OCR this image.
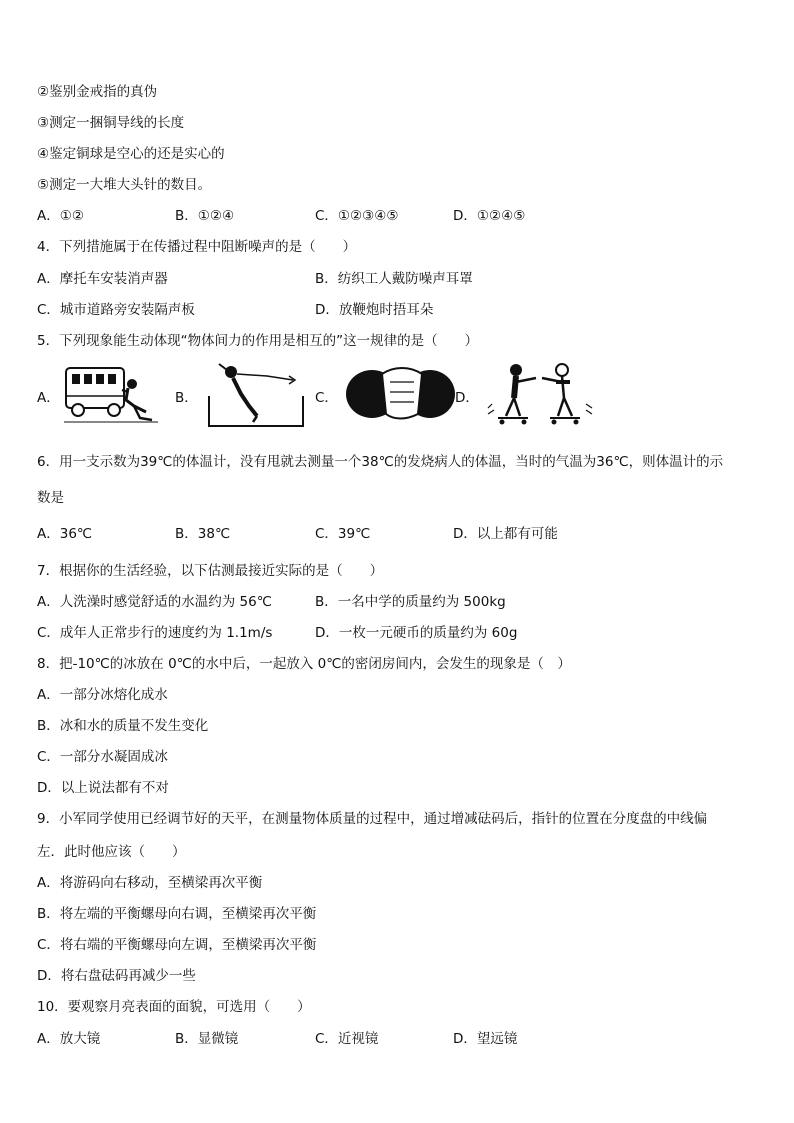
②鉴别金戒指的真伪
③测定一捆铜导线的长度
④鉴定铜球是空心的还是实心的
⑤测定一大堆大头针的数目。
A．①②	B．①②④	C．①②③④⑤	D．①②④⑤
4．下列措施属于在传播过程中阻断噪声的是（　　）
A．摩托车安装消声器	B．纺织工人戴防噪声耳罩
C．城市道路旁安装隔声板	D．放鞭炮时捂耳朵
5．下列现象能生动体现“物体间力的作用是相互的”这一规律的是（　　）
A．	B．	C．	D．
6．用一支示数为39℃的体温计，没有甩就去测量一个38℃的发烧病人的体温，当时的气温为36℃，则体温计的示
数是
A．36℃	B．38℃	C．39℃	D．以上都有可能
7．根据你的生活经验，以下估测最接近实际的是（　　）
A．人洗澡时感觉舒适的水温约为 56℃	B．一名中学的质量约为 500kg
C．成年人正常步行的速度约为 1.1m/s	D．一枚一元硬币的质量约为 60g
8．把-10℃的冰放在 0℃的水中后，一起放入 0℃的密闭房间内，会发生的现象是（　）
A．一部分冰熔化成水
B．冰和水的质量不发生变化
C．一部分水凝固成冰
D．以上说法都有不对
9．小军同学使用已经调节好的天平，在测量物体质量的过程中，通过增减砝码后，指针的位置在分度盘的中线偏
左．此时他应该（　　）
A．将游码向右移动，至横梁再次平衡
B．将左端的平衡螺母向右调，至横梁再次平衡
C．将右端的平衡螺母向左调，至横梁再次平衡
D．将右盘砝码再减少一些
10．要观察月亮表面的面貌，可选用（　　）
A．放大镜	B．显微镜	C．近视镜	D．望远镜
